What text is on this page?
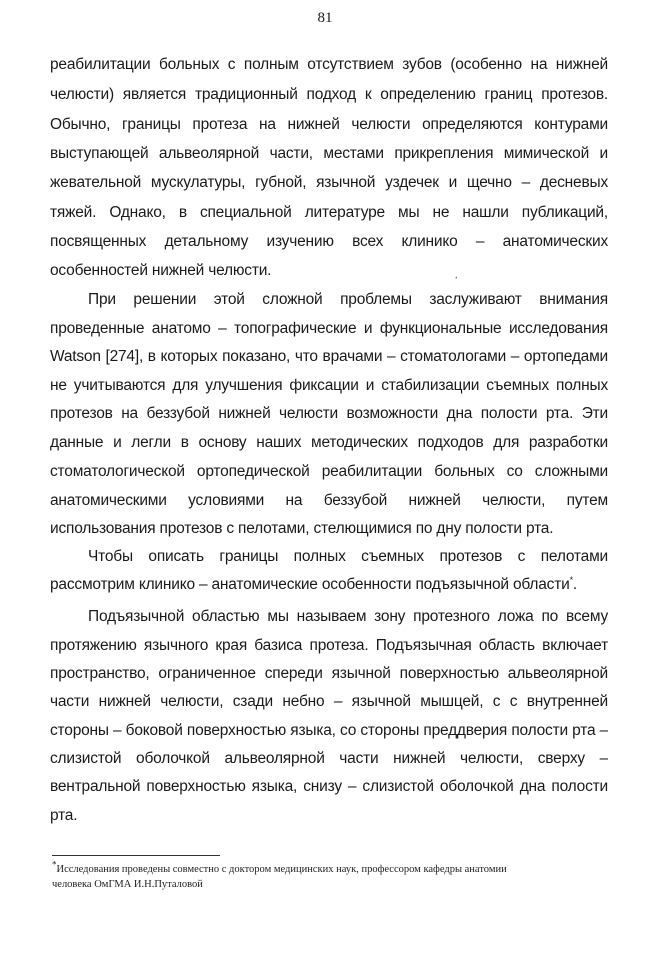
81
реабилитации больных с полным отсутствием зубов (особенно на нижней
челюсти) является традиционный подход к определению границ протезов.
Обычно, границы протеза на нижней челюсти определяются контурами
выступающей альвеолярной части, местами прикрепления мимической и
жевательной мускулатуры, губной, язычной уздечек и щечно – десневых
тяжей. Однако, в специальной литературе мы не нашли публикаций,
посвященных детальному изучению всех клинико – анатомических
особенностей нижней челюсти.
При решении этой сложной проблемы заслуживают внимания
проведенные анатомо – топографические и функциональные исследования
Watson [274], в которых показано, что врачами – стоматологами – ортопедами
не учитываются для улучшения фиксации и стабилизации съемных полных
протезов на беззубой нижней челюсти возможности дна полости рта. Эти
данные и легли в основу наших методических подходов для разработки
стоматологической ортопедической реабилитации больных со сложными
анатомическими условиями на беззубой нижней челюсти, путем
использования протезов с пелотами, стелющимися по дну полости рта.
Чтобы описать границы полных съемных протезов с пелотами
рассмотрим клинико – анатомические особенности подъязычной области*.
Подъязычной областью мы называем зону протезного ложа по всему
протяжению язычного края базиса протеза. Подъязычная область включает
пространство, ограниченное спереди язычной поверхностью альвеолярной
части нижней челюсти, сзади небно – язычной мышцей, с с внутренней
стороны – боковой поверхностью языка, со стороны преддверия полости рта –
слизистой оболочкой альвеолярной части нижней челюсти, сверху –
вентральной поверхностью языка, снизу – слизистой оболочкой дна полости
рта.
ˏ
*Исследования проведены совместно с доктором медицинских наук, профессором кафедры анатомии
человека ОмГМА И.Н.Путаловой
